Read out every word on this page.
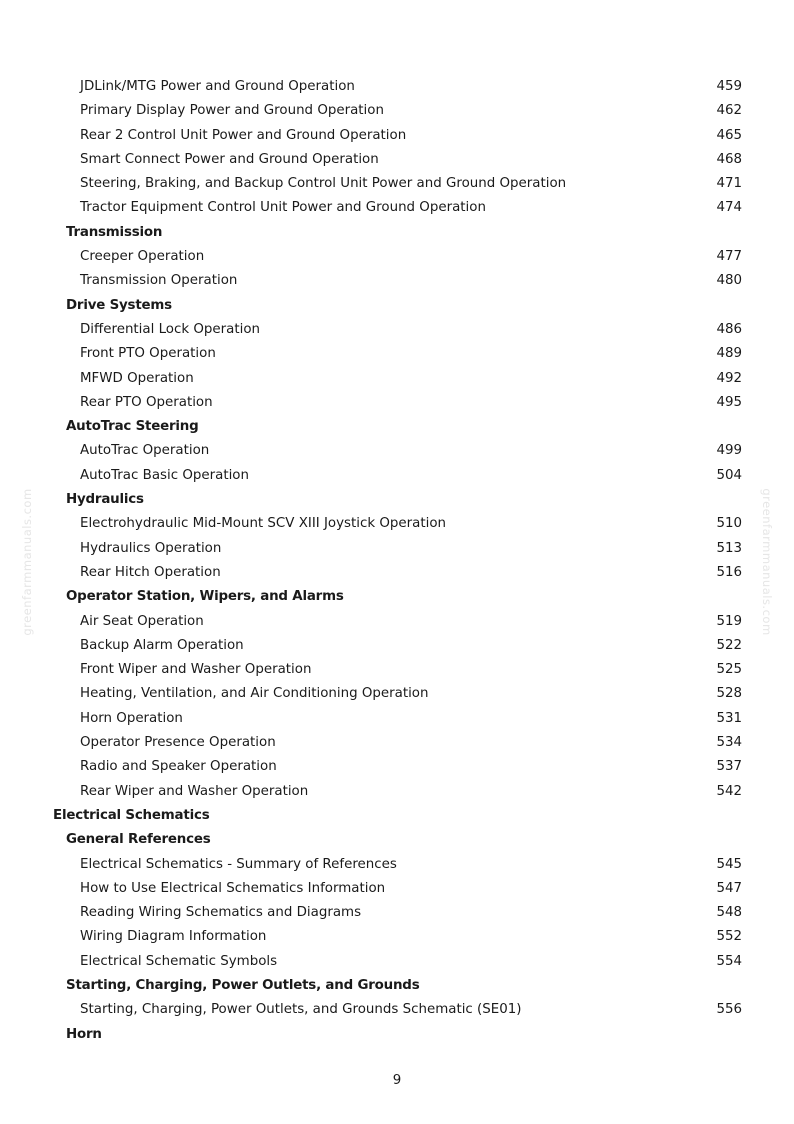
greenfarmmanuals.com	greenfarmmanuals.com
JDLink/MTG Power and Ground Operation	459
Primary Display Power and Ground Operation	462
Rear 2 Control Unit Power and Ground Operation	465
Smart Connect Power and Ground Operation	468
Steering, Braking, and Backup Control Unit Power and Ground Operation	471
Tractor Equipment Control Unit Power and Ground Operation	474
Transmission
Creeper Operation	477
Transmission Operation	480
Drive Systems
Differential Lock Operation	486
Front PTO Operation	489
MFWD Operation	492
Rear PTO Operation	495
AutoTrac Steering
AutoTrac Operation	499
AutoTrac Basic Operation	504
Hydraulics
Electrohydraulic Mid-Mount SCV XIII Joystick Operation	510
Hydraulics Operation	513
Rear Hitch Operation	516
Operator Station, Wipers, and Alarms
Air Seat Operation	519
Backup Alarm Operation	522
Front Wiper and Washer Operation	525
Heating, Ventilation, and Air Conditioning Operation	528
Horn Operation	531
Operator Presence Operation	534
Radio and Speaker Operation	537
Rear Wiper and Washer Operation	542
Electrical Schematics
General References
Electrical Schematics - Summary of References	545
How to Use Electrical Schematics Information	547
Reading Wiring Schematics and Diagrams	548
Wiring Diagram Information	552
Electrical Schematic Symbols	554
Starting, Charging, Power Outlets, and Grounds
Starting, Charging, Power Outlets, and Grounds Schematic (SE01)	556
Horn
9
